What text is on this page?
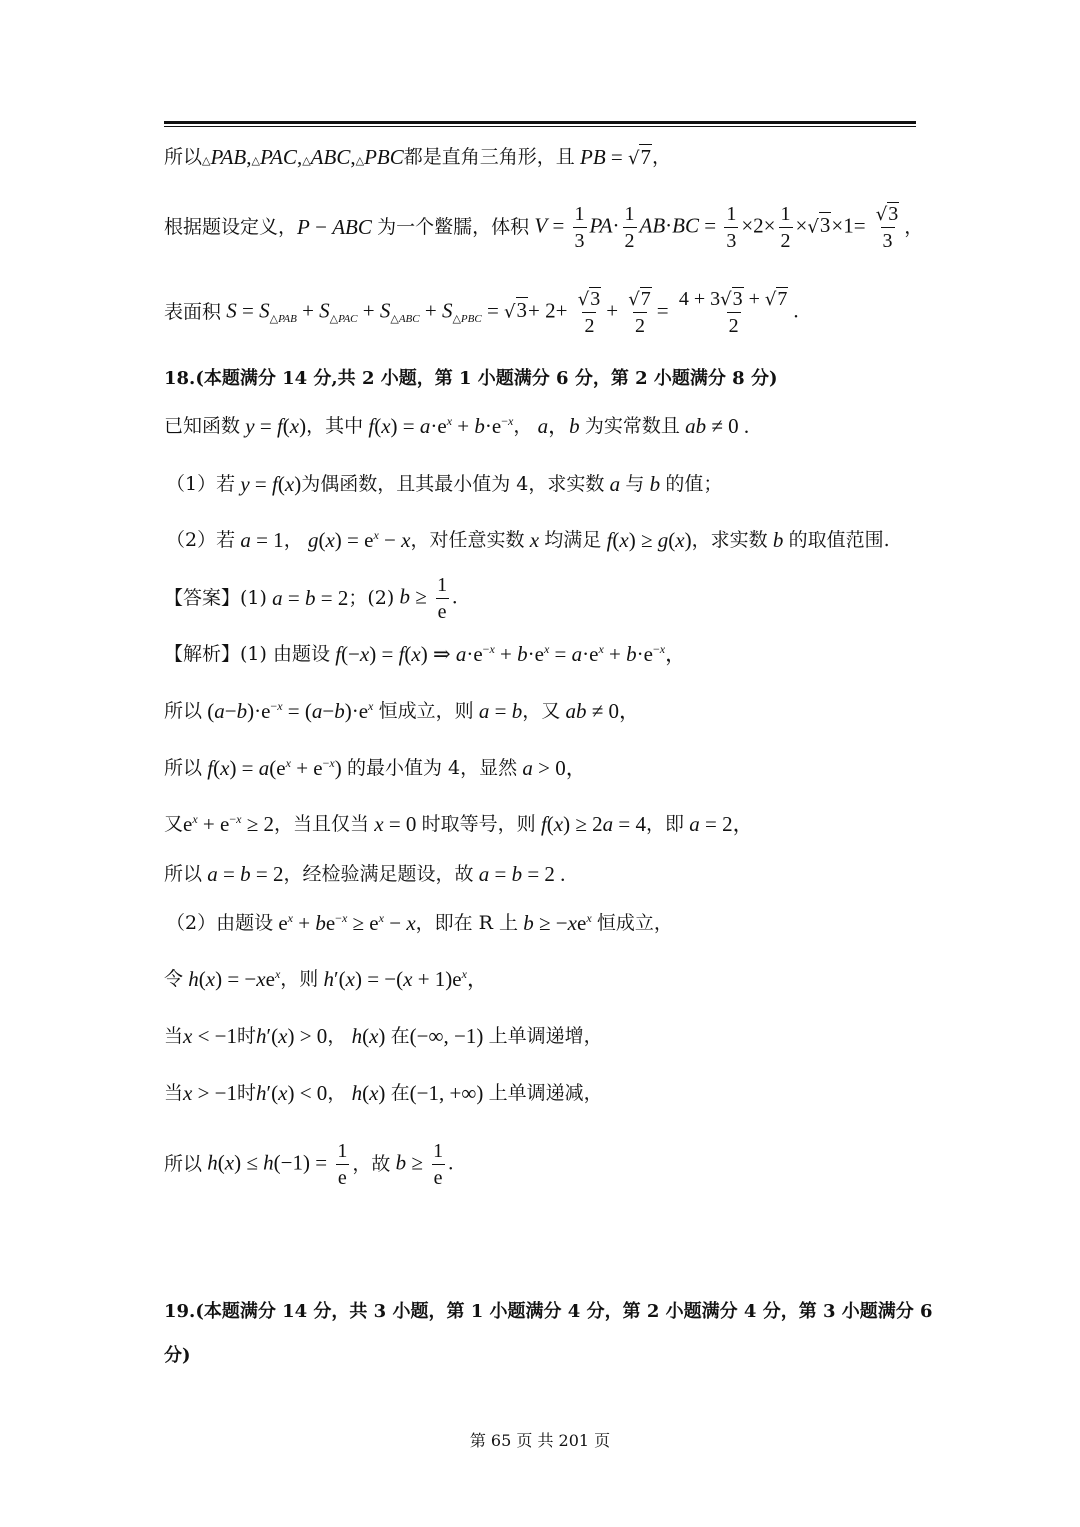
所以 △PAB,△PAC,△ABC,△PBC 都是直角三角形，且 PB = √7 ，
根据题设定义， P − ABC 为一个鳖臑，体积 $V = \frac{1}{3} PA\cdot \frac{1}{2} AB\cdot BC = \frac{1}{3} \times 2\times \frac{1}{2} \times√3\times 1= \frac{√3}{3}$ ，
表面积 $S = S_{\triangle PAB} + S_{\triangle PAC} + S_{\triangle ABC} + S_{\triangle PBC} = √3+ 2+ \frac{√3}{2} + \frac{√7}{2} = \frac{4 + 3√3 + √7}{2}$ .
18.(本题满分 14 分,共 2 小题，第 1 小题满分 6 分，第 2 小题满分 8 分)
已知函数 y = f(x) ，其中 $f(x) = a\cdot e^x + b\cdot e^{-x}$ ， a，b 为实常数且 ab ≠ 0 .
（1）若 y = f(x) 为偶函数，且其最小值为 4，求实数 a 与 b 的值；
（2）若 a = 1 ， $g(x) = e^x - x$ ，对任意实数 x 均满足 f(x) ≥ g(x) ，求实数 b 的取值范围.
【答案】(1) a = b = 2 ；(2) $b \ge \frac{1}{e}$ .
【解析】(1) 由题设 f(−x) = f(x) ⇒ $a\cdot e^{-x} + b\cdot e^x = a\cdot e^x + b\cdot e^{-x}$，
所以 $(a-b)\cdot e^{-x} = (a-b)\cdot e^x$ 恒成立，则 a = b ，又 ab ≠ 0，
所以 $f(x) = a(e^x + e^{-x})$ 的最小值为 4，显然 a > 0，
又 $e^x + e^{-x} \ge 2$ ，当且仅当 x = 0 时取等号，则 f(x) ≥ 2a = 4 ，即 a = 2，
所以 a = b = 2 ，经检验满足题设，故 a = b = 2 .
（2）由题设 $e^x + be^{-x} \ge e^x - x$ ，即在 R 上 $b \ge -xe^x$ 恒成立，
令 $h(x) = -xe^x$ ，则 $h'(x) = -(x + 1)e^x$，
当 x < −1 时 h′(x) > 0 ， h(x) 在 (−∞, −1) 上单调递增，
当 x > −1 时 h′(x) < 0 ， h(x) 在 (−1, +∞) 上单调递减，
所以 $h(x) \le h(-1) = \frac{1}{e}$ ，故 $b \ge \frac{1}{e}$ .
19.(本题满分 14 分，共 3 小题，第 1 小题满分 4 分，第 2 小题满分 4 分，第 3 小题满分 6
分)
第 65 页 共 201 页
